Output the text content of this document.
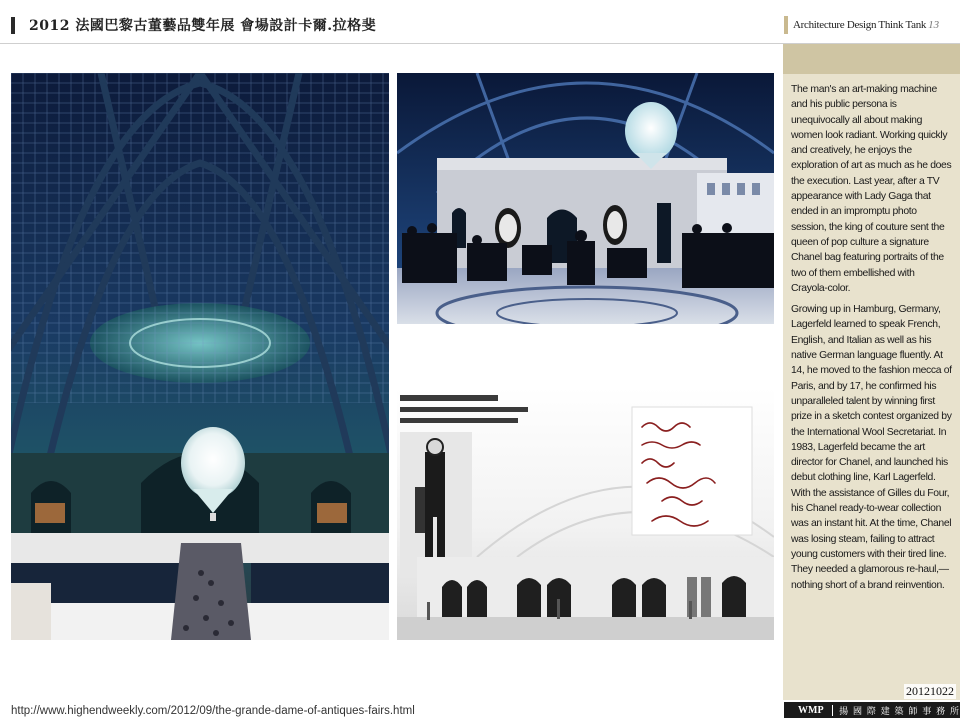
2012 法國巴黎古董藝品雙年展 會場設計卡爾.拉格斐	Architecture Design Think Tank 13

The man's an art-making machine and his public persona is unequivocally all about making women look radiant. Working quickly and creatively, he enjoys the exploration of art as much as he does the execution. Last year, after a TV appearance with Lady Gaga that ended in an impromptu photo session, the king of couture sent the queen of pop culture a signature Chanel bag featuring portraits of the two of them embellished with Crayola-color.

Growing up in Hamburg, Germany, Lagerfeld learned to speak French, English, and Italian as well as his native German language fluently. At 14, he moved to the fashion mecca of Paris, and by 17, he confirmed his unparalleled talent by winning first prize in a sketch contest organized by the International Wool Secretariat. In 1983, Lagerfeld became the art director for Chanel, and launched his debut clothing line, Karl Lagerfeld. With the assistance of Gilles du Four, his Chanel ready-to-wear collection was an instant hit. At the time, Chanel was losing steam, failing to attract young customers with their tired line. They needed a glamorous re-haul,—nothing short of a brand reinvention.

20121022
http://www.highendweekly.com/2012/09/the-grande-dame-of-antiques-fairs.html	WMP	揚 國 際 建 築 師 事 務 所
